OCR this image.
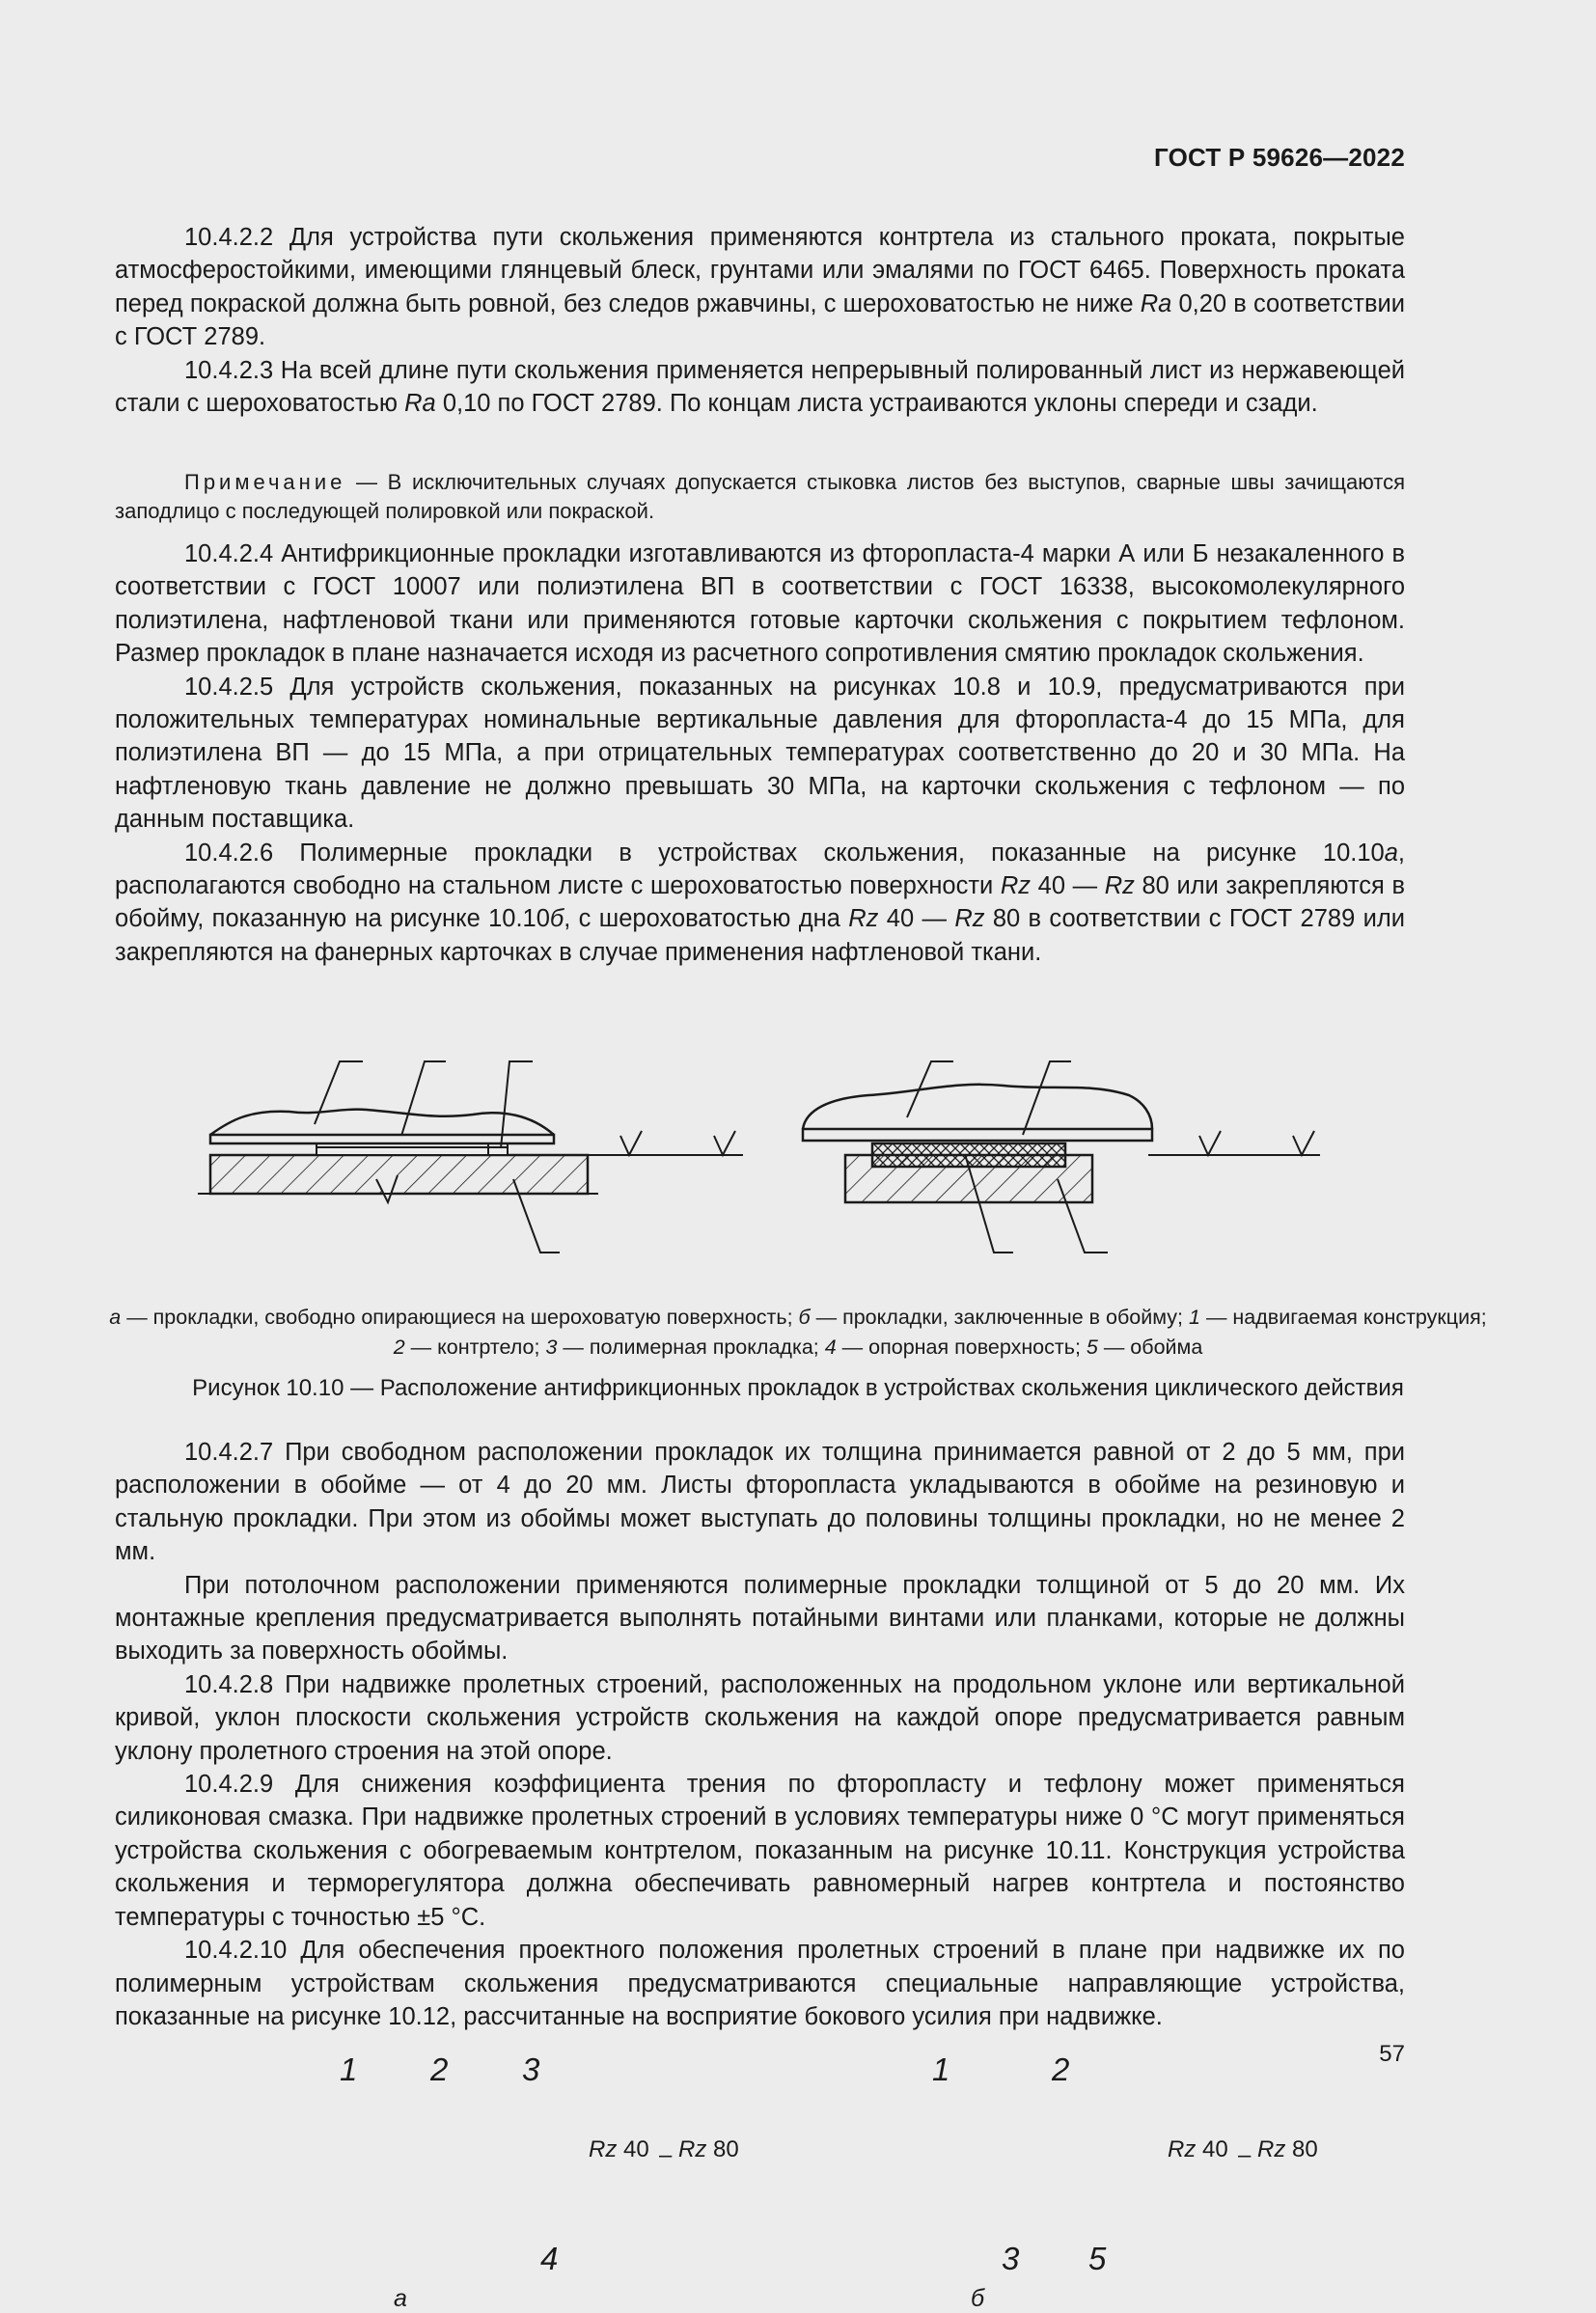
ГОСТ Р 59626—2022

10.4.2.2 Для устройства пути скольжения применяются контртела из стального проката, покрытые атмосферостойкими, имеющими глянцевый блеск, грунтами или эмалями по ГОСТ 6465. Поверхность проката перед покраской должна быть ровной, без следов ржавчины, с шероховатостью не ниже Ra 0,20 в соответствии с ГОСТ 2789.

10.4.2.3 На всей длине пути скольжения применяется непрерывный полированный лист из нержавеющей стали с шероховатостью Ra 0,10 по ГОСТ 2789. По концам листа устраиваются уклоны спереди и сзади.

Примечание — В исключительных случаях допускается стыковка листов без выступов, сварные швы зачищаются заподлицо с последующей полировкой или покраской.

10.4.2.4 Антифрикционные прокладки изготавливаются из фторопласта-4 марки А или Б незакаленного в соответствии с ГОСТ 10007 или полиэтилена ВП в соответствии с ГОСТ 16338, высокомолекулярного полиэтилена, нафтленовой ткани или применяются готовые карточки скольжения с покрытием тефлоном. Размер прокладок в плане назначается исходя из расчетного сопротивления смятию прокладок скольжения.

10.4.2.5 Для устройств скольжения, показанных на рисунках 10.8 и 10.9, предусматриваются при положительных температурах номинальные вертикальные давления для фторопласта-4 до 15 МПа, для полиэтилена ВП — до 15 МПа, а при отрицательных температурах соответственно до 20 и 30 МПа. На нафтленовую ткань давление не должно превышать 30 МПа, на карточки скольжения с тефлоном — по данным поставщика.

10.4.2.6 Полимерные прокладки в устройствах скольжения, показанные на рисунке 10.10а, располагаются свободно на стальном листе с шероховатостью поверхности Rz 40 — Rz 80 или закрепляются в обойму, показанную на рисунке 10.10б, с шероховатостью дна Rz 40 — Rz 80 в соответствии с ГОСТ 2789 или закрепляются на фанерных карточках в случае применения нафтленовой ткани.

1 2 3
4
Rz 40 – Rz 80
1	2
3 5
Rz 40 – Rz 80
а	б
а — прокладки, свободно опирающиеся на шероховатую поверхность; б — прокладки, заключенные в обойму; 1 — надвигаемая конструкция; 2 — контртело; 3 — полимерная прокладка; 4 — опорная поверхность; 5 — обойма
Рисунок 10.10 — Расположение антифрикционных прокладок в устройствах скольжения циклического действия

10.4.2.7 При свободном расположении прокладок их толщина принимается равной от 2 до 5 мм, при расположении в обойме — от 4 до 20 мм. Листы фторопласта укладываются в обойме на резиновую и стальную прокладки. При этом из обоймы может выступать до половины толщины прокладки, но не менее 2 мм.

При потолочном расположении применяются полимерные прокладки толщиной от 5 до 20 мм. Их монтажные крепления предусматривается выполнять потайными винтами или планками, которые не должны выходить за поверхность обоймы.

10.4.2.8 При надвижке пролетных строений, расположенных на продольном уклоне или вертикальной кривой, уклон плоскости скольжения устройств скольжения на каждой опоре предусматривается равным уклону пролетного строения на этой опоре.

10.4.2.9 Для снижения коэффициента трения по фторопласту и тефлону может применяться силиконовая смазка. При надвижке пролетных строений в условиях температуры ниже 0 °С могут применяться устройства скольжения с обогреваемым контртелом, показанным на рисунке 10.11. Конструкция устройства скольжения и терморегулятора должна обеспечивать равномерный нагрев контртела и постоянство температуры с точностью ±5 °С.

10.4.2.10 Для обеспечения проектного положения пролетных строений в плане при надвижке их по полимерным устройствам скольжения предусматриваются специальные направляющие устройства, показанные на рисунке 10.12, рассчитанные на восприятие бокового усилия при надвижке.

57
